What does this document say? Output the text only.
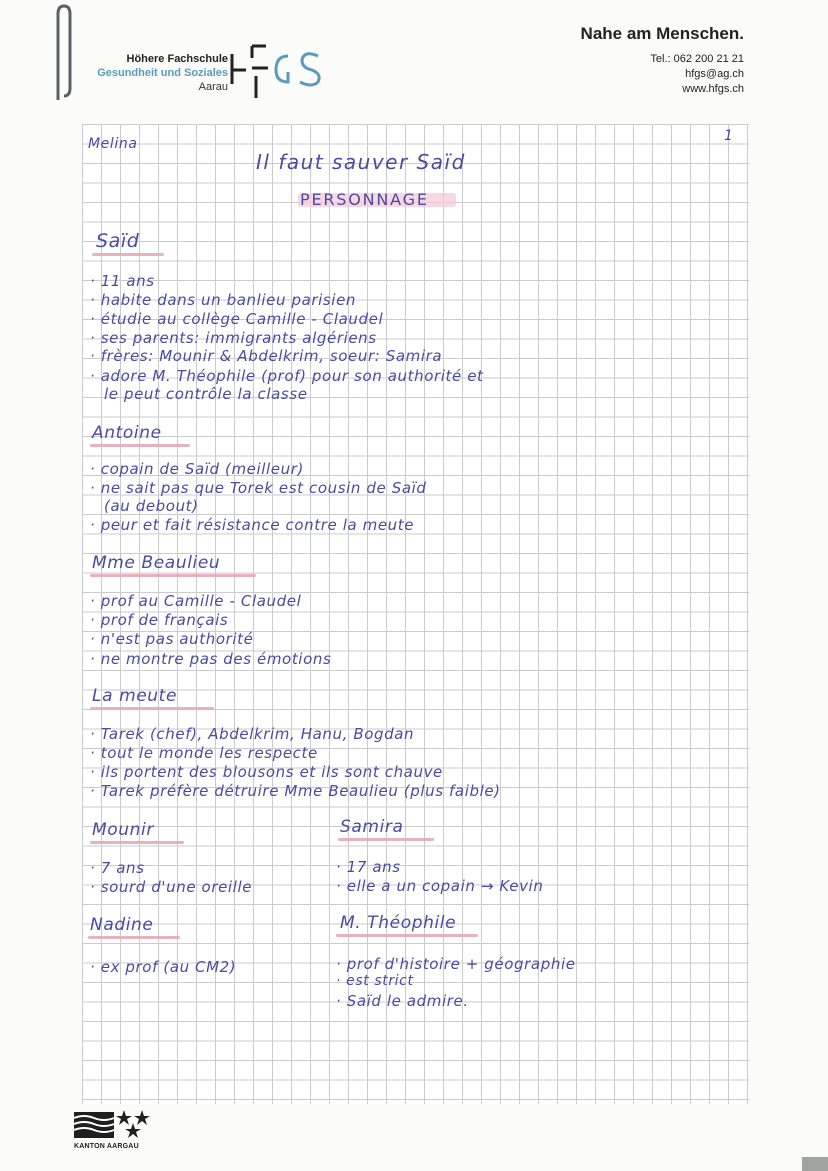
Höhere Fachschule
Gesundheit und Soziales
Aarau
Nahe am Menschen.
Tel.: 062 200 21 21
hfgs@ag.ch
www.hfgs.ch
Melina	1
Il faut sauver Saïd
PERSONNAGE
Saïd
· 11 ans
· habite dans un banlieu parisien
· étudie au collège Camille - Claudel
· ses parents: immigrants algériens
· frères: Mounir & Abdelkrim, soeur: Samira
· adore M. Théophile (prof) pour son authorité et
le peut contrôle la classe
Antoine
· copain de Saïd (meilleur)
· ne sait pas que Torek est cousin de Saïd
(au debout)
· peur et fait résistance contre la meute
Mme Beaulieu
· prof au Camille - Claudel
· prof de français
· n'est pas authorité
· ne montre pas des émotions
La meute
· Tarek (chef), Abdelkrim, Hanu, Bogdan
· tout le monde les respecte
· ils portent des blousons et ils sont chauve
· Tarek préfère détruire Mme Beaulieu (plus faible)
Mounir
· 7 ans
· sourd d'une oreille
Samira
· 17 ans
· elle a un copain → Kevin
Nadine
· ex prof (au CM2)
M. Théophile
· prof d'histoire + géographie
· est strict
· Saïd le admire.
KANTON AARGAU
